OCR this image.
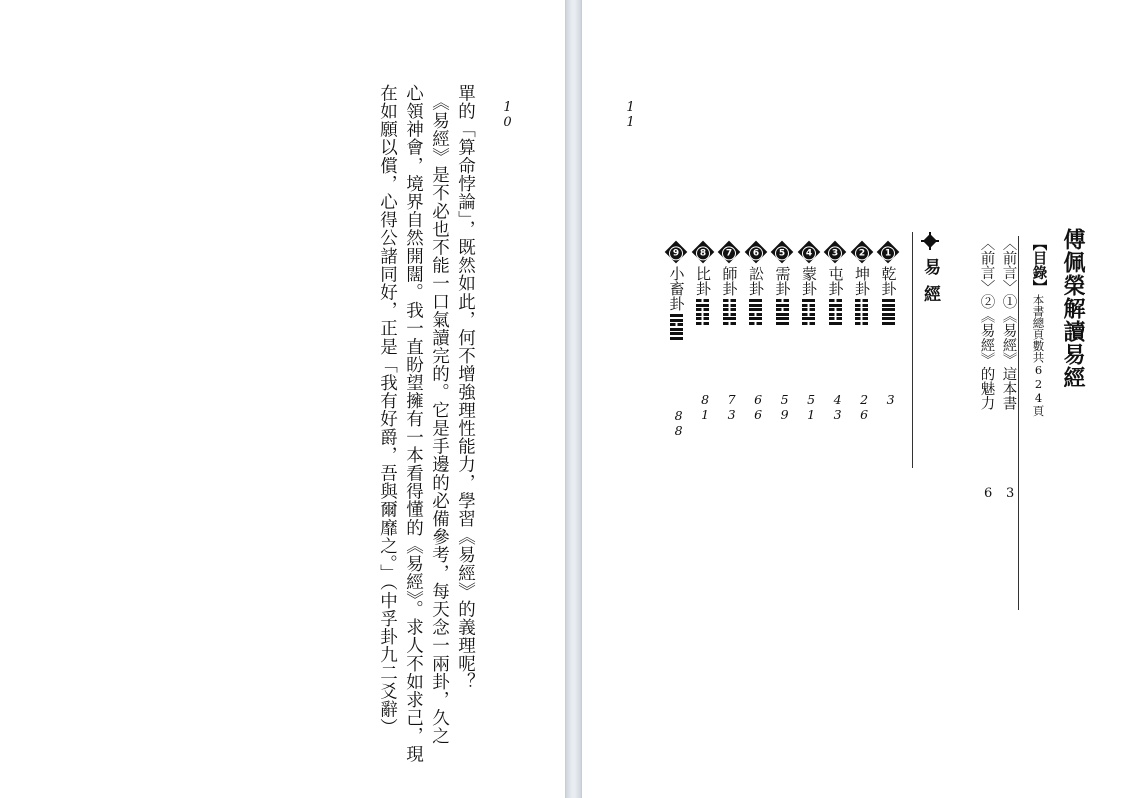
10
單的「算命悖論」，既然如此，何不增強理性能力，學習《易經》的義理呢？
　《易經》是不必也不能一口氣讀完的。它是手邊的必備參考，每天念一兩卦，久之
心領神會，境界自然開闊。我一直盼望擁有一本看得懂的《易經》。求人不如求己，現
在如願以償，心得公諸同好，正是「我有好爵，吾與爾靡之。」（中孚卦九二爻辭）	11
傅佩榮解讀易經
【目錄】本書總頁數共624頁
〈前言〉①《易經》這本書
3
〈前言〉②《易經》的魅力
6
易經
1
乾卦
3
2
坤卦
26
3
屯卦
43
4
蒙卦
51
5
需卦
59
6
訟卦
66
7
師卦
73
8
比卦
81
9
小畜卦
88
